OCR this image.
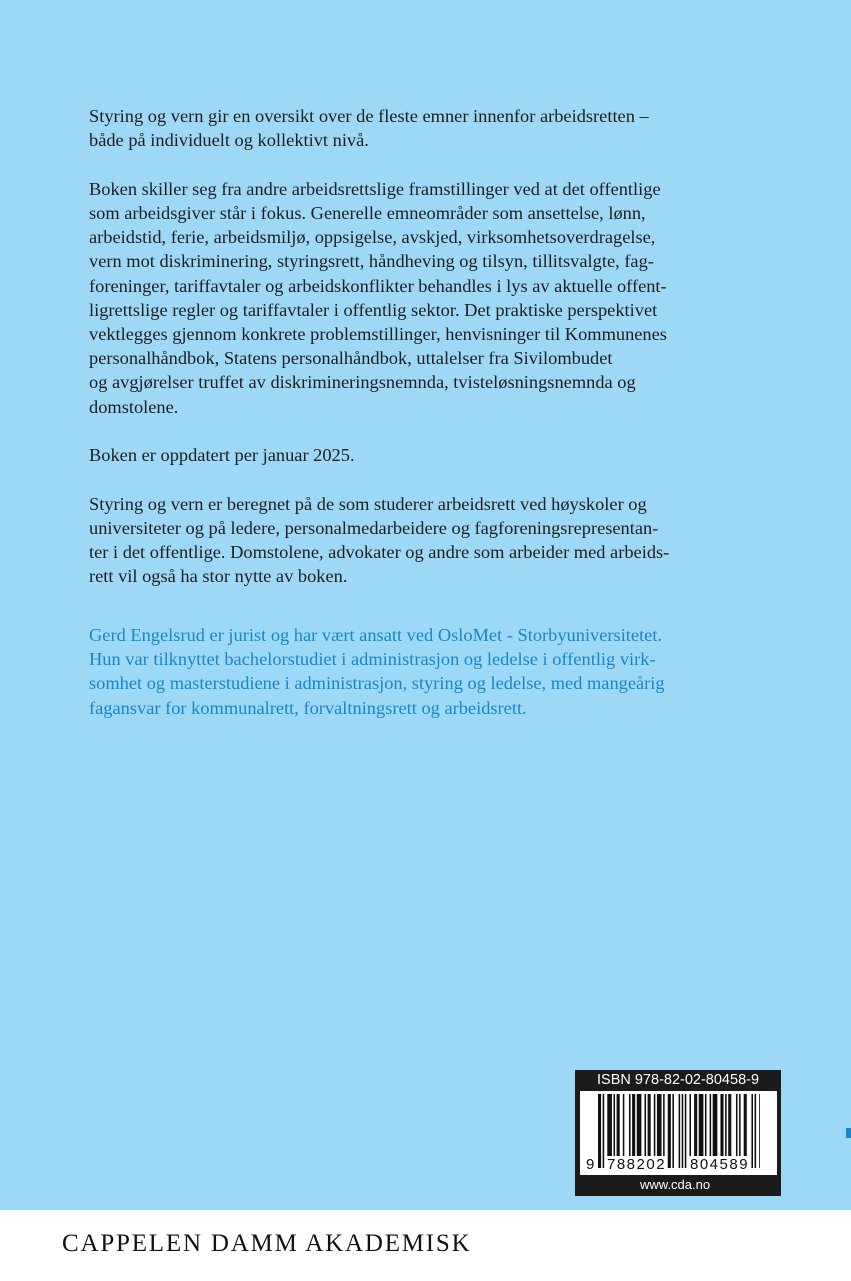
Styring og vern gir en oversikt over de fleste emner innenfor arbeidsretten –
både på individuelt og kollektivt nivå.

Boken skiller seg fra andre arbeidsrettslige framstillinger ved at det offentlige
som arbeidsgiver står i fokus. Generelle emneområder som ansettelse, lønn,
arbeidstid, ferie, arbeidsmiljø, oppsigelse, avskjed, virksomhetsoverdragelse,
vern mot diskriminering, styringsrett, håndheving og tilsyn, tillitsvalgte, fag-
foreninger, tariffavtaler og arbeidskonflikter behandles i lys av aktuelle offent-
ligrettslige regler og tariffavtaler i offentlig sektor. Det praktiske perspektivet
vektlegges gjennom konkrete problemstillinger, henvisninger til Kommunenes
personalhåndbok, Statens personalhåndbok, uttalelser fra Sivilombudet
og avgjørelser truffet av diskrimineringsnemnda, tvisteløsningsnemnda og
domstolene.

Boken er oppdatert per januar 2025.

Styring og vern er beregnet på de som studerer arbeidsrett ved høyskoler og
universiteter og på ledere, personalmedarbeidere og fagforeningsrepresentan-
ter i det offentlige. Domstolene, advokater og andre som arbeider med arbeids-
rett vil også ha stor nytte av boken.

Gerd Engelsrud er jurist og har vært ansatt ved OsloMet - Storbyuniversitetet.
Hun var tilknyttet bachelorstudiet i administrasjon og ledelse i offentlig virk-
somhet og masterstudiene i administrasjon, styring og ledelse, med mangeårig
fagansvar for kommunalrett, forvaltningsrett og arbeidsrett.

ISBN 978-82-02-80458-9
9 788202 804589
www.cda.no
CAPPELEN DAMM AKADEMISK
